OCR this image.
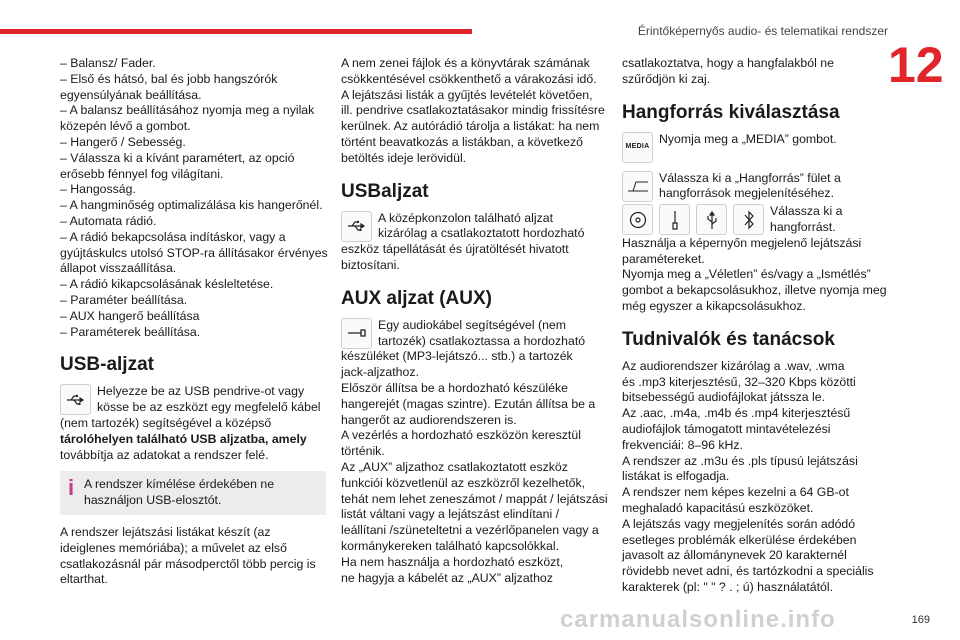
Érintőképernyős audio- és telematikai rendszer
12
169
carmanualsonline.info
– Balansz/ Fader.
– Első és hátsó, bal és jobb hangszórók
egyensúlyának beállítása.
– A balansz beállításához nyomja meg a nyilak
közepén lévő a gombot.
– Hangerő / Sebesség.
– Válassza ki a kívánt paramétert, az opció
erősebb fénnyel fog világítani.
– Hangosság.
– A hangminőség optimalizálása kis hangerőnél.
– Automata rádió.
– A rádió bekapcsolása indításkor, vagy a
gyújtáskulcs utolsó STOP-ra állításakor érvényes
állapot visszaállítása.
– A rádió kikapcsolásának késleltetése.
– Paraméter beállítása.
– AUX hangerő beállítása
– Paraméterek beállítása.
USB-aljzat
Helyezze be az USB pendrive-ot vagy
kösse be az eszközt egy megfelelő kábel
(nem tartozék) segítségével a középső
tárolóhelyen található USB aljzatba, amely
továbbítja az adatokat a rendszer felé.
i A rendszer kímélése érdekében ne
használjon USB-elosztót.
A rendszer lejátszási listákat készít (az
ideiglenes memóriába); a művelet az első
csatlakozásnál pár másodperctől több percig is
eltarthat.
A nem zenei fájlok és a könyvtárak számának
csökkentésével csökkenthető a várakozási idő.
A lejátszási listák a gyűjtés levételét követően,
ill. pendrive csatlakoztatásakor mindig frissítésre
kerülnek. Az autórádió tárolja a listákat: ha nem
történt beavatkozás a listákban, a következő
betöltés ideje lerövidül.
USBaljzat
A középkonzolon található aljzat
kizárólag a csatlakoztatott hordozható
eszköz tápellátását és újratöltését hivatott
biztosítani.
AUX aljzat (AUX)
Egy audiokábel segítségével (nem
tartozék) csatlakoztassa a hordozható
készüléket (MP3-lejátszó... stb.) a tartozék
jack-aljzathoz.
Először állítsa be a hordozható készüléke
hangerejét (magas szintre). Ezután állítsa be a
hangerőt az audiorendszeren is.
A vezérlés a hordozható eszközön keresztül
történik.
Az „AUX” aljzathoz csatlakoztatott eszköz
funkciói közvetlenül az eszközről kezelhetők,
tehát nem lehet zeneszámot / mappát / lejátszási
listát váltani vagy a lejátszást elindítani /
leállítani /szüneteltetni a vezérlőpanelen vagy a
kormánykereken található kapcsolókkal.
Ha nem használja a hordozható eszközt,
ne hagyja a kábelét az „AUX” aljzathoz
csatlakoztatva, hogy a hangfalakból ne
szűrődjön ki zaj.
Hangforrás kiválasztása
MEDIA
Nyomja meg a „MEDIA” gombot.
Válassza ki a „Hangforrás” fület a
hangforrások megjelenítéséhez.
Válassza ki a
hangforrást.
Használja a képernyőn megjelenő lejátszási
paramétereket.
Nyomja meg a „Véletlen” és/vagy a „Ismétlés”
gombot a bekapcsolásukhoz, illetve nyomja meg
még egyszer a kikapcsolásukhoz.
Tudnivalók és tanácsok
Az audiorendszer kizárólag a .wav, .wma
és .mp3 kiterjesztésű, 32–320 Kbps közötti
bitsebességű audiofájlokat játssza le.
Az .aac, .m4a, .m4b és .mp4 kiterjesztésű
audiofájlok támogatott mintavételezési
frekvenciái: 8–96 kHz.
A rendszer az .m3u és .pls típusú lejátszási
listákat is elfogadja.
A rendszer nem képes kezelni a 64 GB-ot
meghaladó kapacitású eszközöket.
A lejátszás vagy megjelenítés során adódó
esetleges problémák elkerülése érdekében
javasolt az állománynevek 20 karakternél
rövidebb nevet adni, és tartózkodni a speciális
karakterek (pl: " " ? . ; ú) használatától.
